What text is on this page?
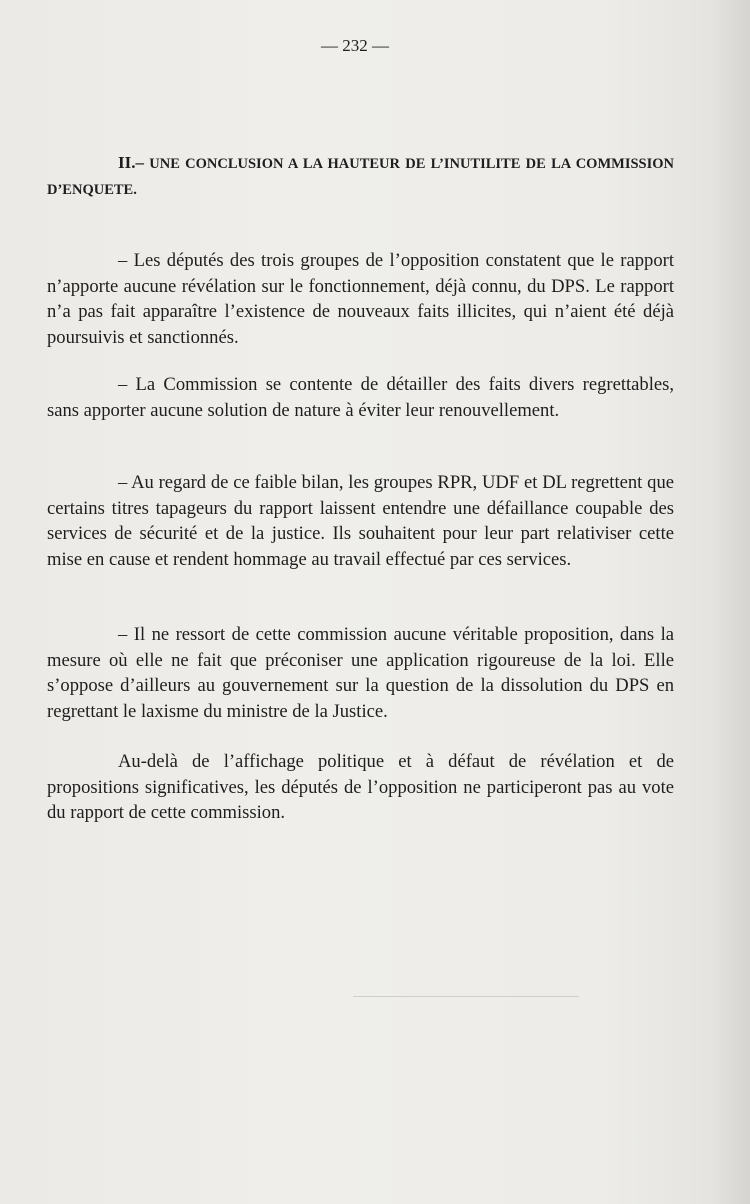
— 232 —
II.– UNE CONCLUSION A LA HAUTEUR DE L’INUTILITE DE LA COMMISSION D’ENQUETE.

– Les députés des trois groupes de l’opposition constatent que le rapport n’apporte aucune révélation sur le fonctionnement, déjà connu, du DPS. Le rapport n’a pas fait apparaître l’existence de nouveaux faits illicites, qui n’aient été déjà poursuivis et sanctionnés.

– La Commission se contente de détailler des faits divers regrettables, sans apporter aucune solution de nature à éviter leur renouvellement.

– Au regard de ce faible bilan, les groupes RPR, UDF et DL regrettent que certains titres tapageurs du rapport laissent entendre une défaillance coupable des services de sécurité et de la justice. Ils souhaitent pour leur part relativiser cette mise en cause et rendent hommage au travail effectué par ces services.

– Il ne ressort de cette commission aucune véritable proposition, dans la mesure où elle ne fait que préconiser une application rigoureuse de la loi. Elle s’oppose d’ailleurs au gouvernement sur la question de la dissolution du DPS en regrettant le laxisme du ministre de la Justice.

Au-delà de l’affichage politique et à défaut de révélation et de propositions significatives, les députés de l’opposition ne participeront pas au vote du rapport de cette commission.
